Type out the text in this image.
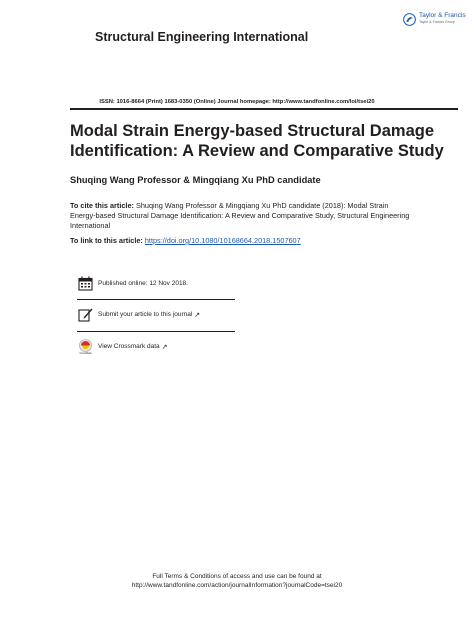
Structural Engineering International
Taylor & Francis
Taylor & Francis Group
ISSN: 1016-8664 (Print) 1683-0350 (Online) Journal homepage: http://www.tandfonline.com/loi/tsei20
Modal Strain Energy-based Structural Damage Identification: A Review and Comparative Study
Shuqing Wang Professor & Mingqiang Xu PhD candidate
To cite this article: Shuqing Wang Professor & Mingqiang Xu PhD candidate (2018): Modal Strain Energy-based Structural Damage Identification: A Review and Comparative Study, Structural Engineering International
To link to this article: https://doi.org/10.1080/10168664.2018.1507607
Published online: 12 Nov 2018.
Submit your article to this journal ↗
CrossMark
View Crossmark data ↗
Full Terms & Conditions of access and use can be found at
http://www.tandfonline.com/action/journalInformation?journalCode=tsei20
